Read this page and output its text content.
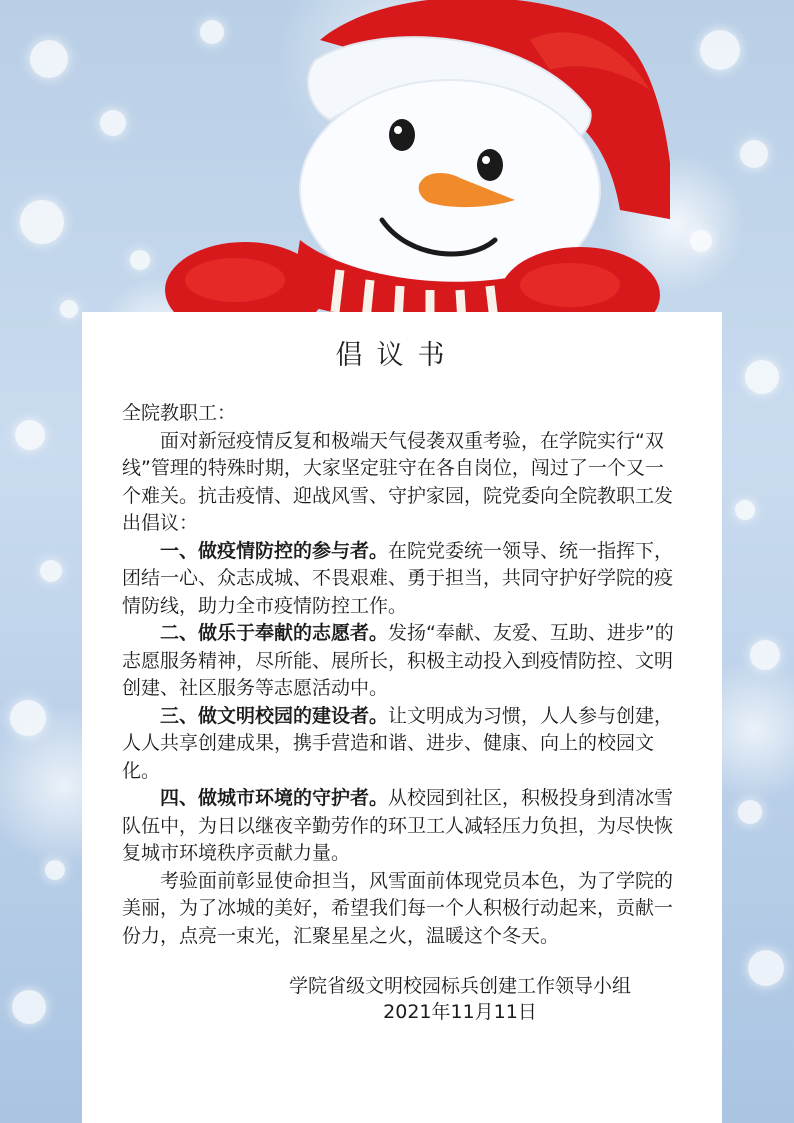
倡议书

全院教职工：

面对新冠疫情反复和极端天气侵袭双重考验，在学院实行“双线”管理的特殊时期，大家坚定驻守在各自岗位，闯过了一个又一个难关。抗击疫情、迎战风雪、守护家园，院党委向全院教职工发出倡议：

一、做疫情防控的参与者。在院党委统一领导、统一指挥下，团结一心、众志成城、不畏艰难、勇于担当，共同守护好学院的疫情防线，助力全市疫情防控工作。

二、做乐于奉献的志愿者。发扬“奉献、友爱、互助、进步”的志愿服务精神，尽所能、展所长，积极主动投入到疫情防控、文明创建、社区服务等志愿活动中。

三、做文明校园的建设者。让文明成为习惯，人人参与创建，人人共享创建成果，携手营造和谐、进步、健康、向上的校园文化。

四、做城市环境的守护者。从校园到社区，积极投身到清冰雪队伍中，为日以继夜辛勤劳作的环卫工人减轻压力负担，为尽快恢复城市环境秩序贡献力量。

考验面前彰显使命担当，风雪面前体现党员本色，为了学院的美丽，为了冰城的美好，希望我们每一个人积极行动起来，贡献一份力，点亮一束光，汇聚星星之火，温暖这个冬天。

学院省级文明校园标兵创建工作领导小组
2021年11月11日
